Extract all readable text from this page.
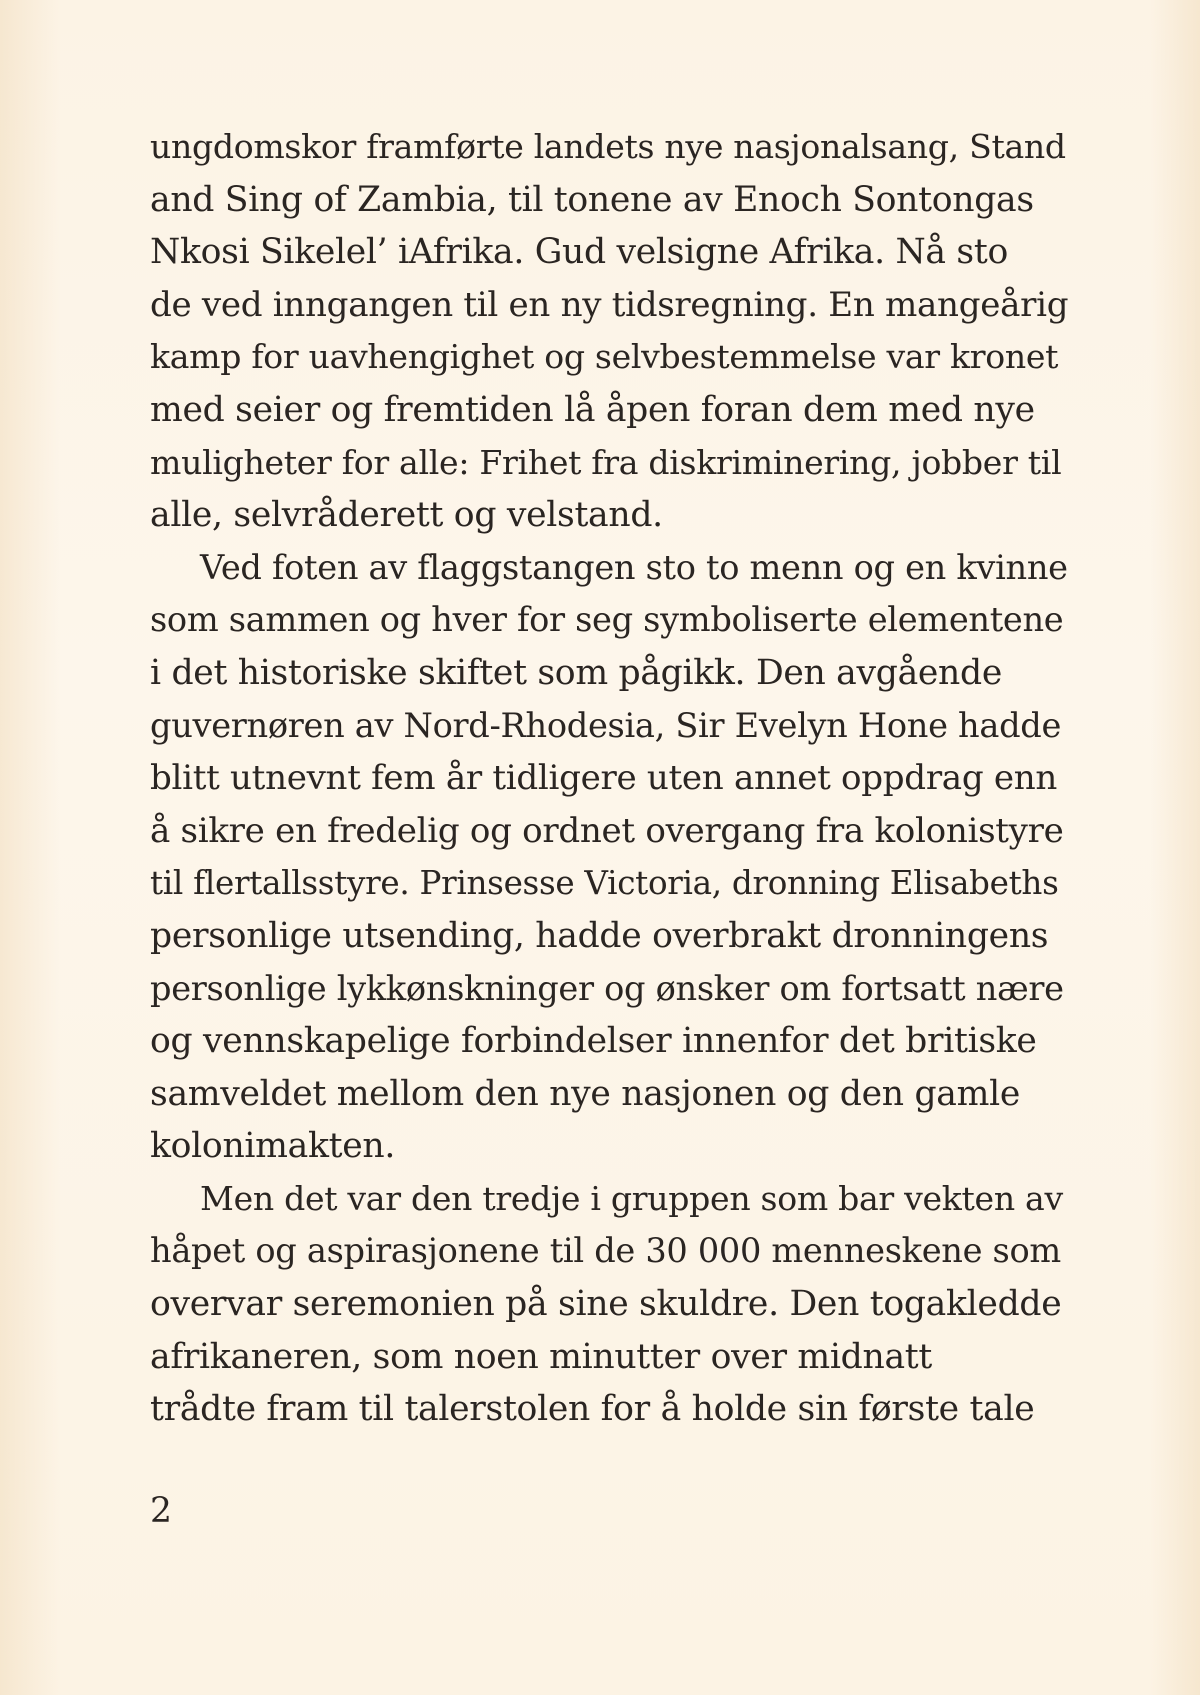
ungdomskor framførte landets nye nasjonalsang, Stand
and Sing of Zambia, til tonene av Enoch Sontongas
Nkosi Sikelel’ iAfrika. Gud velsigne Afrika. Nå sto
de ved inngangen til en ny tidsregning. En mangeårig
kamp for uavhengighet og selvbestemmelse var kronet
med seier og fremtiden lå åpen foran dem med nye
muligheter for alle: Frihet fra diskriminering, jobber til
alle, selvråderett og velstand.
Ved foten av flaggstangen sto to menn og en kvinne
som sammen og hver for seg symboliserte elementene
i det historiske skiftet som pågikk. Den avgående
guvernøren av Nord-Rhodesia, Sir Evelyn Hone hadde
blitt utnevnt fem år tidligere uten annet oppdrag enn
å sikre en fredelig og ordnet overgang fra kolonistyre
til flertallsstyre. Prinsesse Victoria, dronning Elisabeths
personlige utsending, hadde overbrakt dronningens
personlige lykkønskninger og ønsker om fortsatt nære
og vennskapelige forbindelser innenfor det britiske
samveldet mellom den nye nasjonen og den gamle
kolonimakten.
Men det var den tredje i gruppen som bar vekten av
håpet og aspirasjonene til de 30 000 menneskene som
overvar seremonien på sine skuldre. Den togakledde
afrikaneren, som noen minutter over midnatt
trådte fram til talerstolen for å holde sin første tale
2
